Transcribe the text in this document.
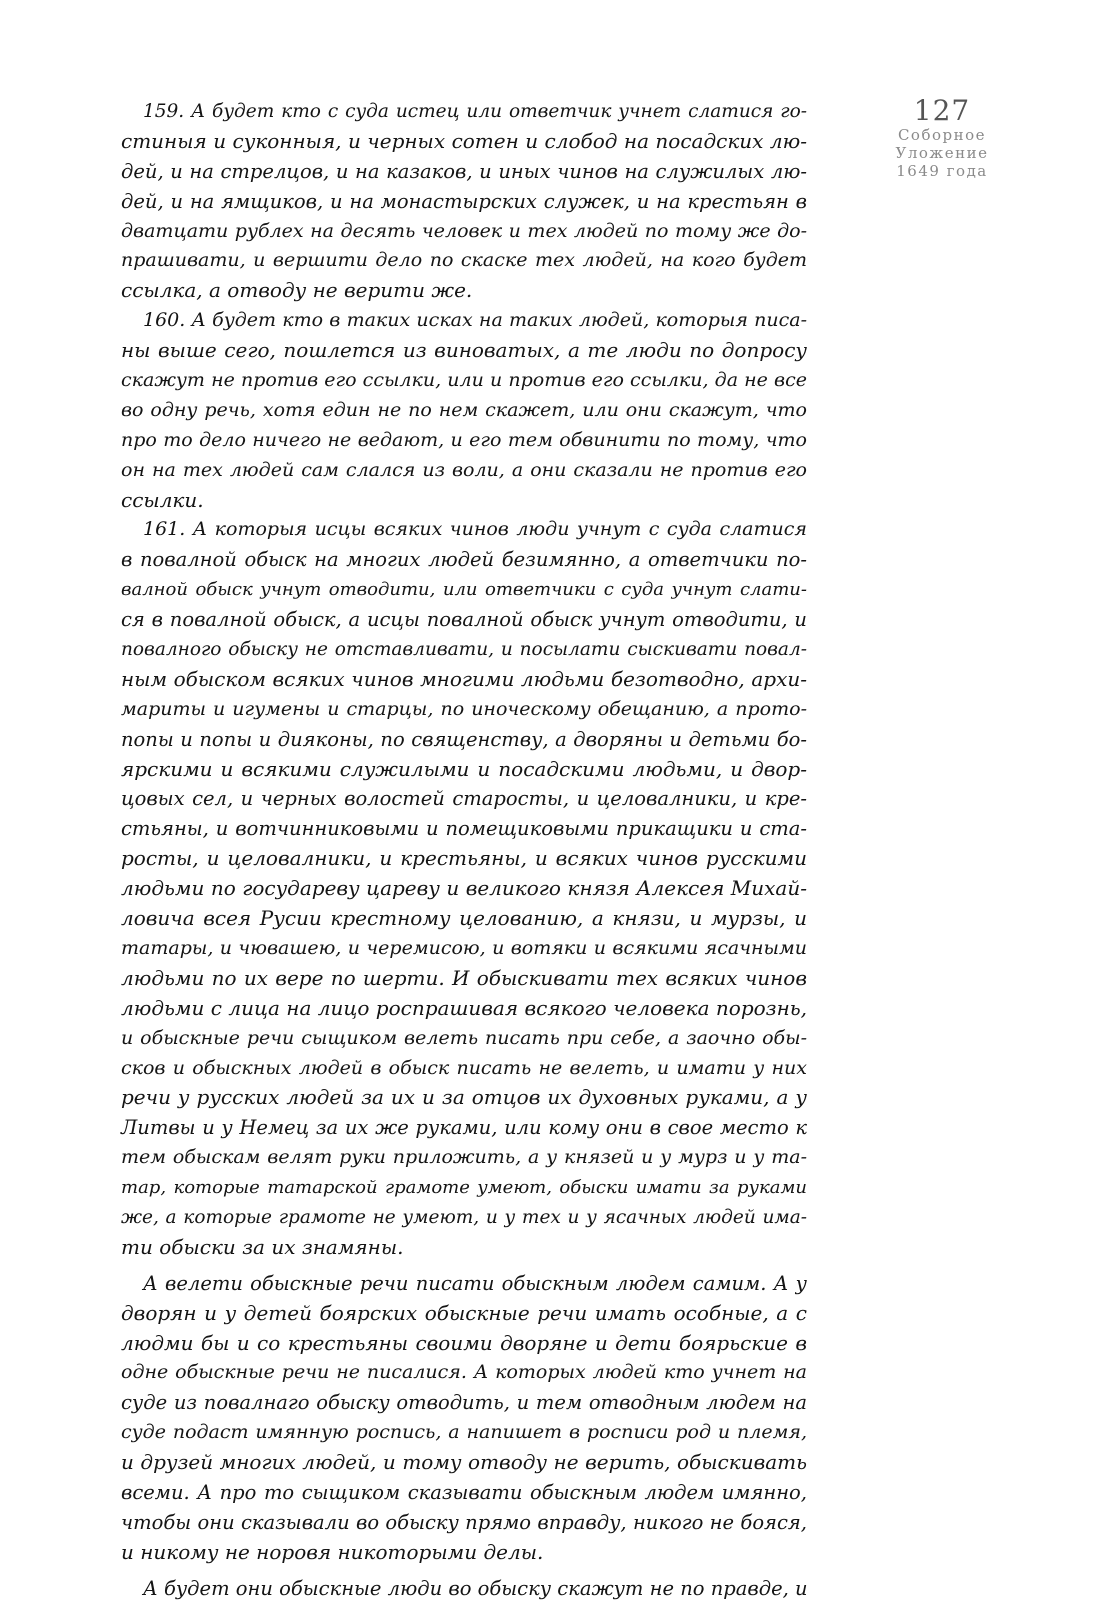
127
Соборное
Уложение
1649 года
159. А будет кто с суда истец или ответчик учнет слатися го-
стиныя и суконныя, и черных сотен и слобод на посадских лю-
дей, и на стрелцов, и на казаков, и иных чинов на служилых лю-
дей, и на ямщиков, и на монастырских служек, и на крестьян в
дватцати рублех на десять человек и тех людей по тому же до-
прашивати, и вершити дело по скаске тех людей, на кого будет
ссылка, а отводу не верити же.
160. А будет кто в таких исках на таких людей, которыя писа-
ны выше сего, пошлется из виноватых, а те люди по допросу
скажут не против его ссылки, или и против его ссылки, да не все
во одну речь, хотя един не по нем скажет, или они скажут, что
про то дело ничего не ведают, и его тем обвинити по тому, что
он на тех людей сам слался из воли, а они сказали не против его
ссылки.
161. А которыя исцы всяких чинов люди учнут с суда слатися
в повалной обыск на многих людей безимянно, а ответчики по-
валной обыск учнут отводити, или ответчики с суда учнут слати-
ся в повалной обыск, а исцы повалной обыск учнут отводити, и
повалного обыску не отставливати, и посылати сыскивати повал-
ным обыском всяких чинов многими людьми безотводно, архи-
мариты и игумены и старцы, по иноческому обещанию, а прото-
попы и попы и дияконы, по священству, а дворяны и детьми бо-
ярскими и всякими служилыми и посадскими людьми, и двор-
цовых сел, и черных волостей старосты, и целовалники, и кре-
стьяны, и вотчинниковыми и помещиковыми прикащики и ста-
росты, и целовалники, и крестьяны, и всяких чинов русскими
людьми по государеву цареву и великого князя Алексея Михай-
ловича всея Русии крестному целованию, а князи, и мурзы, и
татары, и чювашею, и черемисою, и вотяки и всякими ясачными
людьми по их вере по шерти. И обыскивати тех всяких чинов
людьми с лица на лицо роспрашивая всякого человека порознь,
и обыскные речи сыщиком велеть писать при себе, а заочно обы-
сков и обыскных людей в обыск писать не велеть, и имати у них
речи у русских людей за их и за отцов их духовных руками, а у
Литвы и у Немец за их же руками, или кому они в свое место к
тем обыскам велят руки приложить, а у князей и у мурз и у та-
тар, которые татарской грамоте умеют, обыски имати за руками
же, а которые грамоте не умеют, и у тех и у ясачных людей има-
ти обыски за их знамяны.
А велети обыскные речи писати обыскным людем самим. А у
дворян и у детей боярских обыскные речи имать особные, а с
людми бы и со крестьяны своими дворяне и дети боярьские в
одне обыскные речи не писалися. А которых людей кто учнет на
суде из повалнаго обыску отводить, и тем отводным людем на
суде подаст имянную роспись, а напишет в росписи род и племя,
и друзей многих людей, и тому отводу не верить, обыскивать
всеми. А про то сыщиком сказывати обыскным людем имянно,
чтобы они сказывали во обыску прямо вправду, никого не бояся,
и никому не норовя никоторыми делы.
А будет они обыскные люди во обыску скажут не по правде, и
